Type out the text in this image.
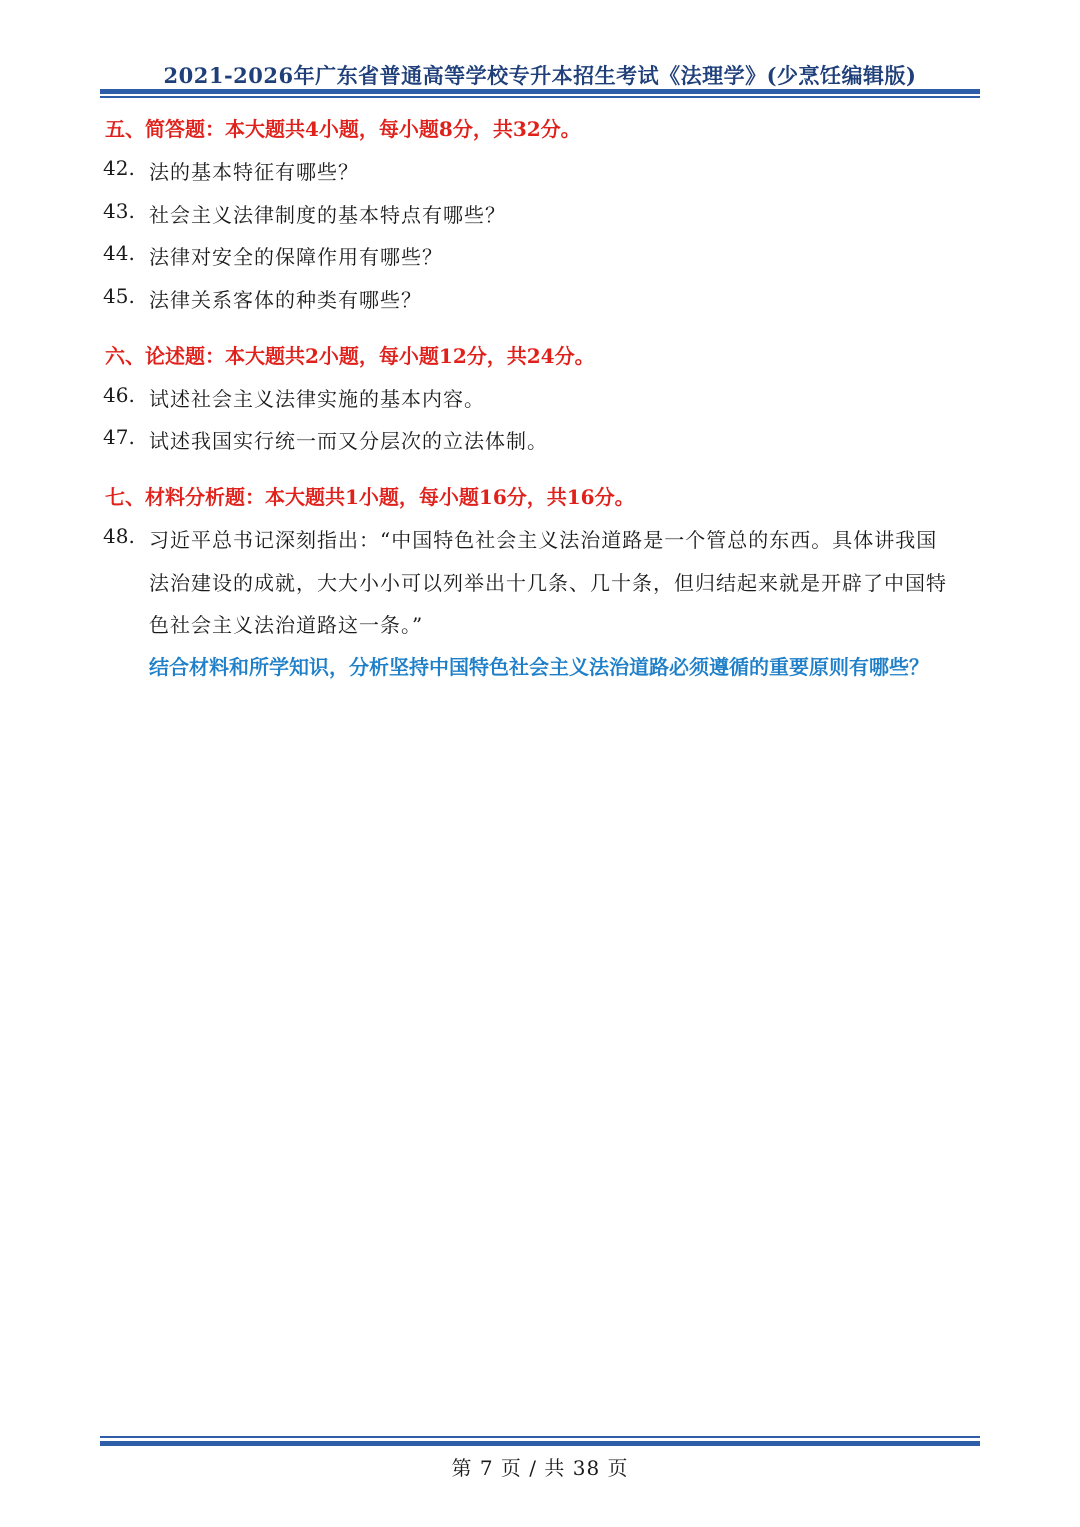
2021-2026年广东省普通高等学校专升本招生考试《法理学》(少烹饪编辑版)
五、简答题：本大题共4小题，每小题8分，共32分。
42. 法的基本特征有哪些？
43. 社会主义法律制度的基本特点有哪些？
44. 法律对安全的保障作用有哪些？
45. 法律关系客体的种类有哪些？
六、论述题：本大题共2小题，每小题12分，共24分。
46. 试述社会主义法律实施的基本内容。
47. 试述我国实行统一而又分层次的立法体制。
七、材料分析题：本大题共1小题，每小题16分，共16分。
48. 习近平总书记深刻指出：“中国特色社会主义法治道路是一个管总的东西。具体讲我国
法治建设的成就，大大小小可以列举出十几条、几十条，但归结起来就是开辟了中国特
色社会主义法治道路这一条。”
结合材料和所学知识，分析坚持中国特色社会主义法治道路必须遵循的重要原则有哪些？
第 7 页 / 共 38 页
